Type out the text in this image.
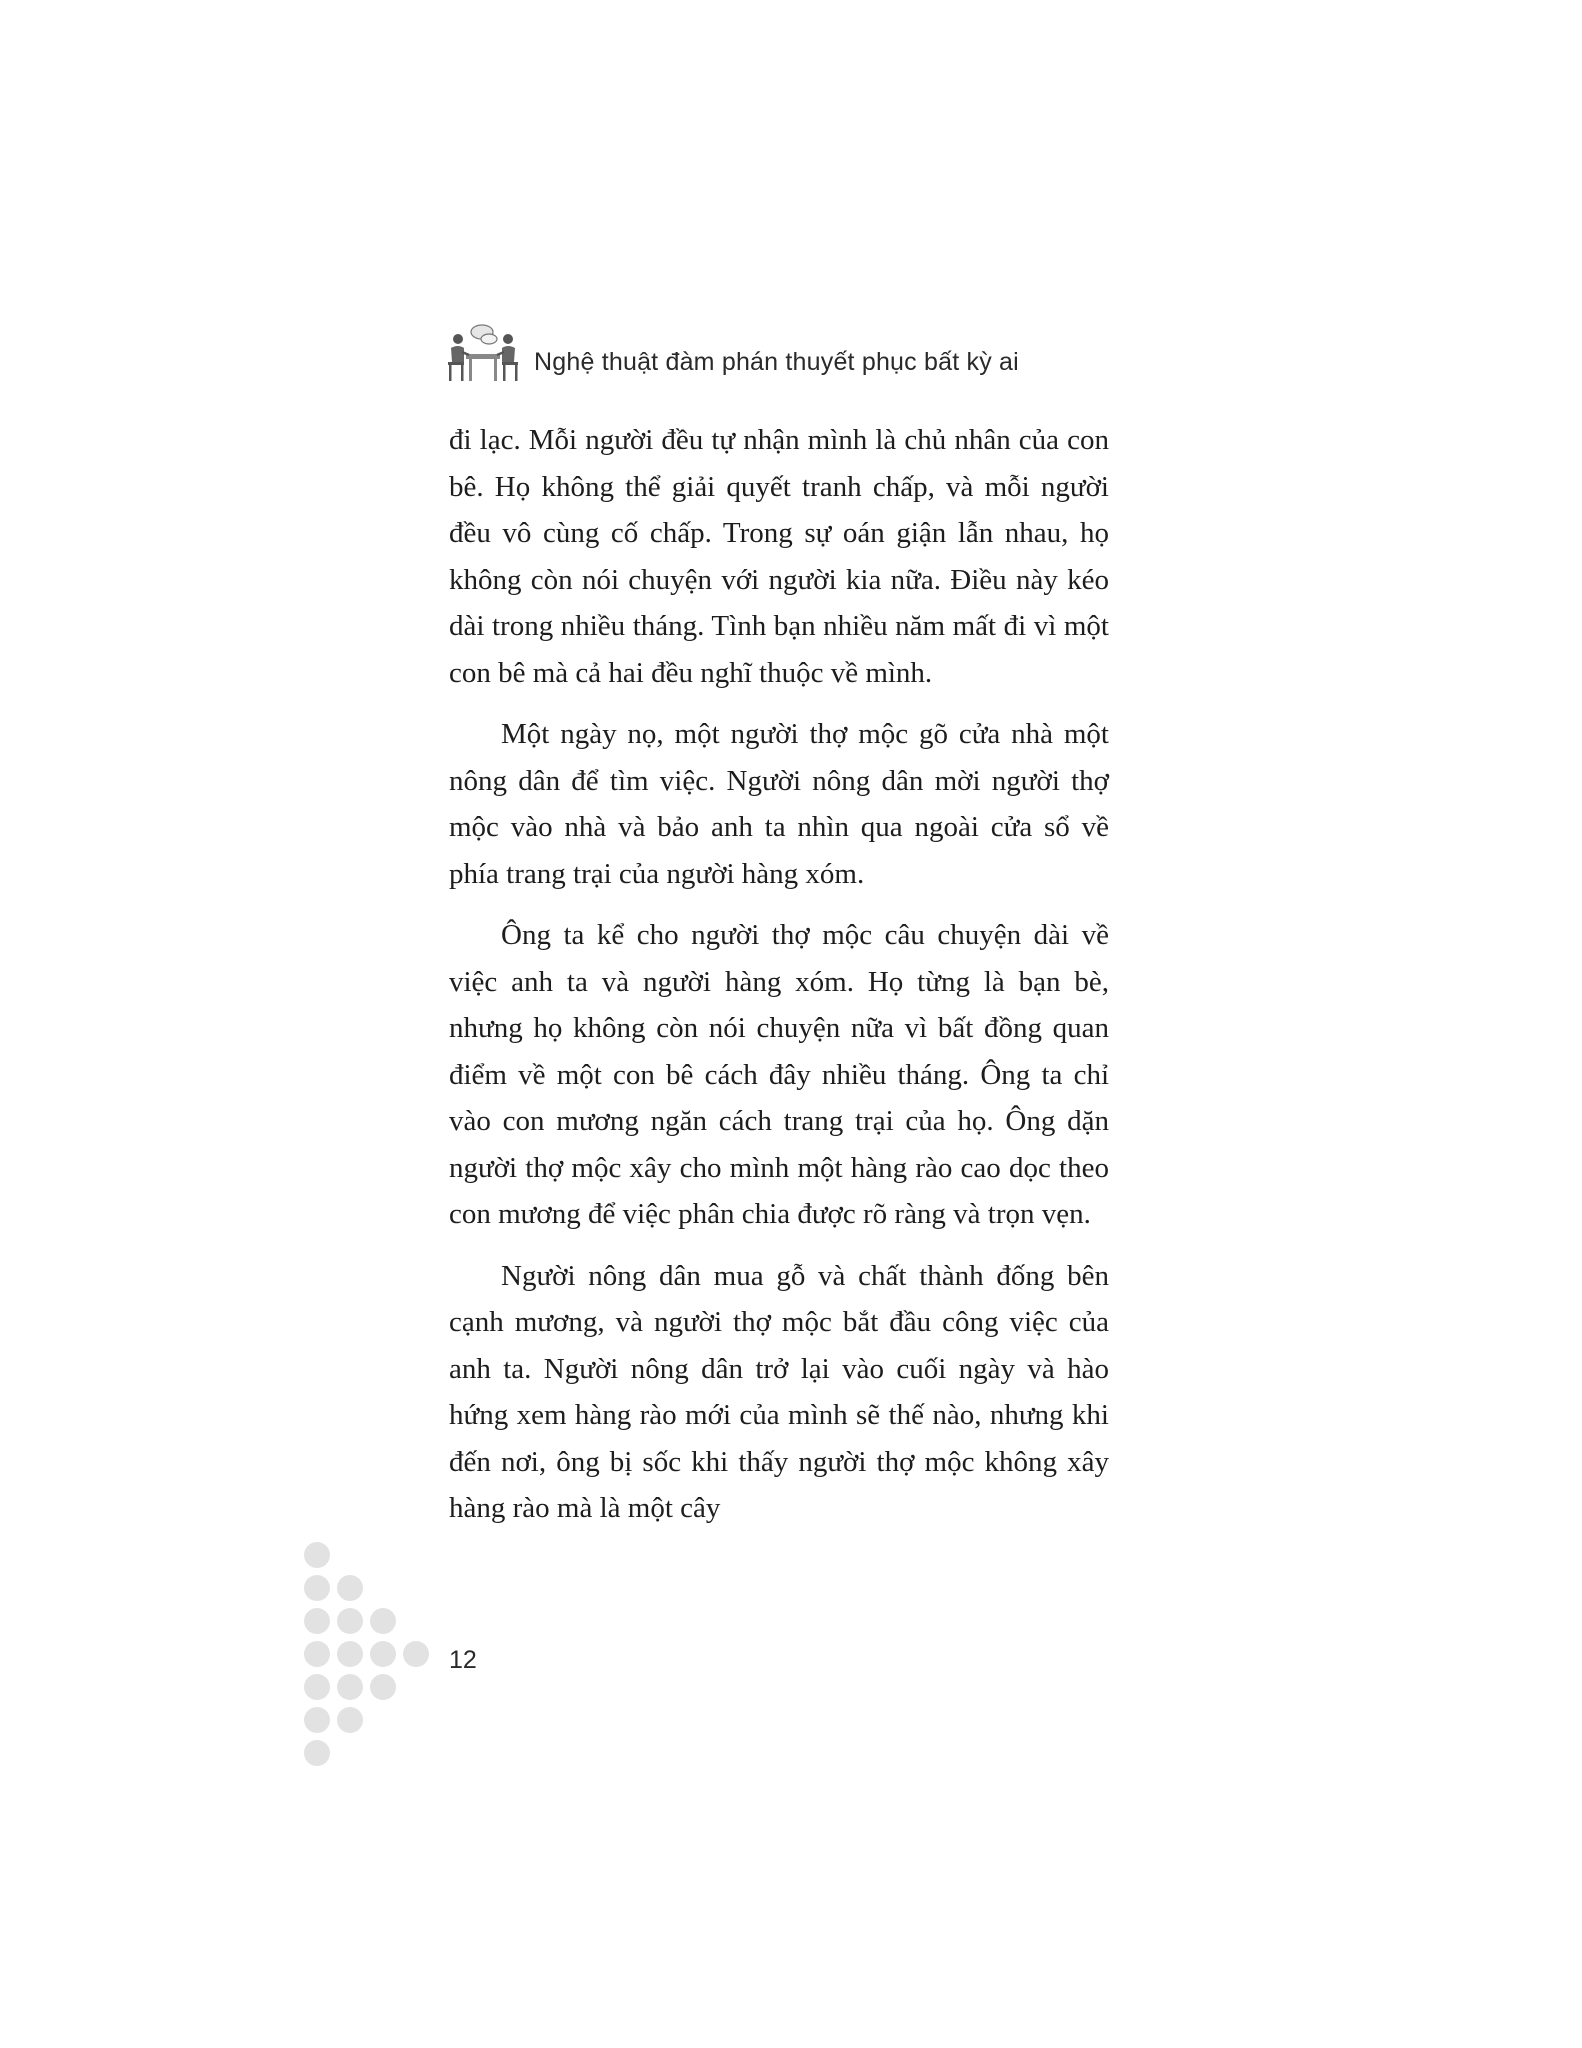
Nghệ thuật đàm phán thuyết phục bất kỳ ai

đi lạc. Mỗi người đều tự nhận mình là chủ nhân của con bê. Họ không thể giải quyết tranh chấp, và mỗi người đều vô cùng cố chấp. Trong sự oán giận lẫn nhau, họ không còn nói chuyện với người kia nữa. Điều này kéo dài trong nhiều tháng. Tình bạn nhiều năm mất đi vì một con bê mà cả hai đều nghĩ thuộc về mình.

Một ngày nọ, một người thợ mộc gõ cửa nhà một nông dân để tìm việc. Người nông dân mời người thợ mộc vào nhà và bảo anh ta nhìn qua ngoài cửa sổ về phía trang trại của người hàng xóm.

Ông ta kể cho người thợ mộc câu chuyện dài về việc anh ta và người hàng xóm. Họ từng là bạn bè, nhưng họ không còn nói chuyện nữa vì bất đồng quan điểm về một con bê cách đây nhiều tháng. Ông ta chỉ vào con mương ngăn cách trang trại của họ. Ông dặn người thợ mộc xây cho mình một hàng rào cao dọc theo con mương để việc phân chia được rõ ràng và trọn vẹn.

Người nông dân mua gỗ và chất thành đống bên cạnh mương, và người thợ mộc bắt đầu công việc của anh ta. Người nông dân trở lại vào cuối ngày và hào hứng xem hàng rào mới của mình sẽ thế nào, nhưng khi đến nơi, ông bị sốc khi thấy người thợ mộc không xây hàng rào mà là một cây

12
